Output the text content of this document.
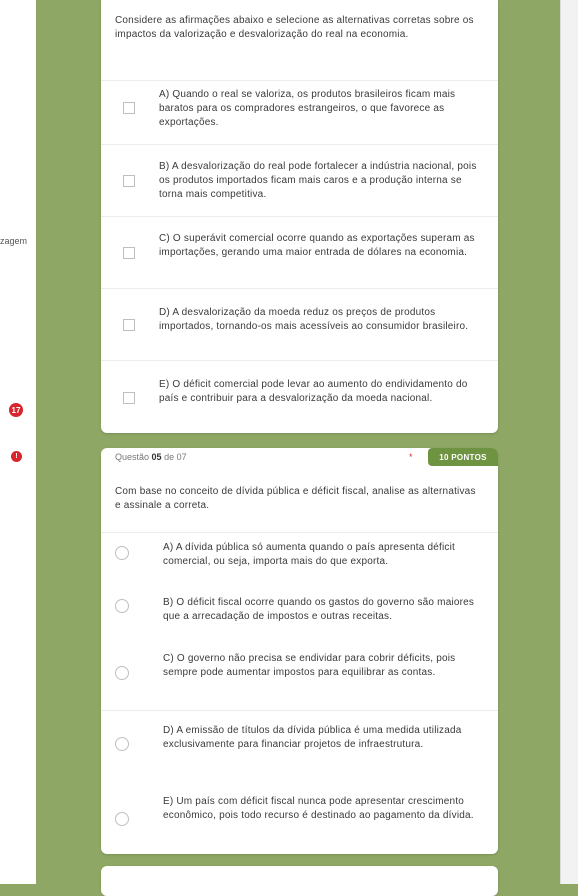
zagem
17
!
Considere as afirmações abaixo e selecione as alternativas corretas sobre os impactos da valorização e desvalorização do real na economia.
A) Quando o real se valoriza, os produtos brasileiros ficam mais baratos para os compradores estrangeiros, o que favorece as exportações.
B) A desvalorização do real pode fortalecer a indústria nacional, pois os produtos importados ficam mais caros e a produção interna se torna mais competitiva.
C) O superávit comercial ocorre quando as exportações superam as importações, gerando uma maior entrada de dólares na economia.
D) A desvalorização da moeda reduz os preços de produtos importados, tornando-os mais acessíveis ao consumidor brasileiro.
E) O déficit comercial pode levar ao aumento do endividamento do país e contribuir para a desvalorização da moeda nacional.
Questão 05 de 07	*	10 PONTOS
Com base no conceito de dívida pública e déficit fiscal, analise as alternativas e assinale a correta.
A) A dívida pública só aumenta quando o país apresenta déficit comercial, ou seja, importa mais do que exporta.
B) O déficit fiscal ocorre quando os gastos do governo são maiores que a arrecadação de impostos e outras receitas.
C) O governo não precisa se endividar para cobrir déficits, pois sempre pode aumentar impostos para equilibrar as contas.
D) A emissão de títulos da dívida pública é uma medida utilizada exclusivamente para financiar projetos de infraestrutura.
E) Um país com déficit fiscal nunca pode apresentar crescimento econômico, pois todo recurso é destinado ao pagamento da dívida.
